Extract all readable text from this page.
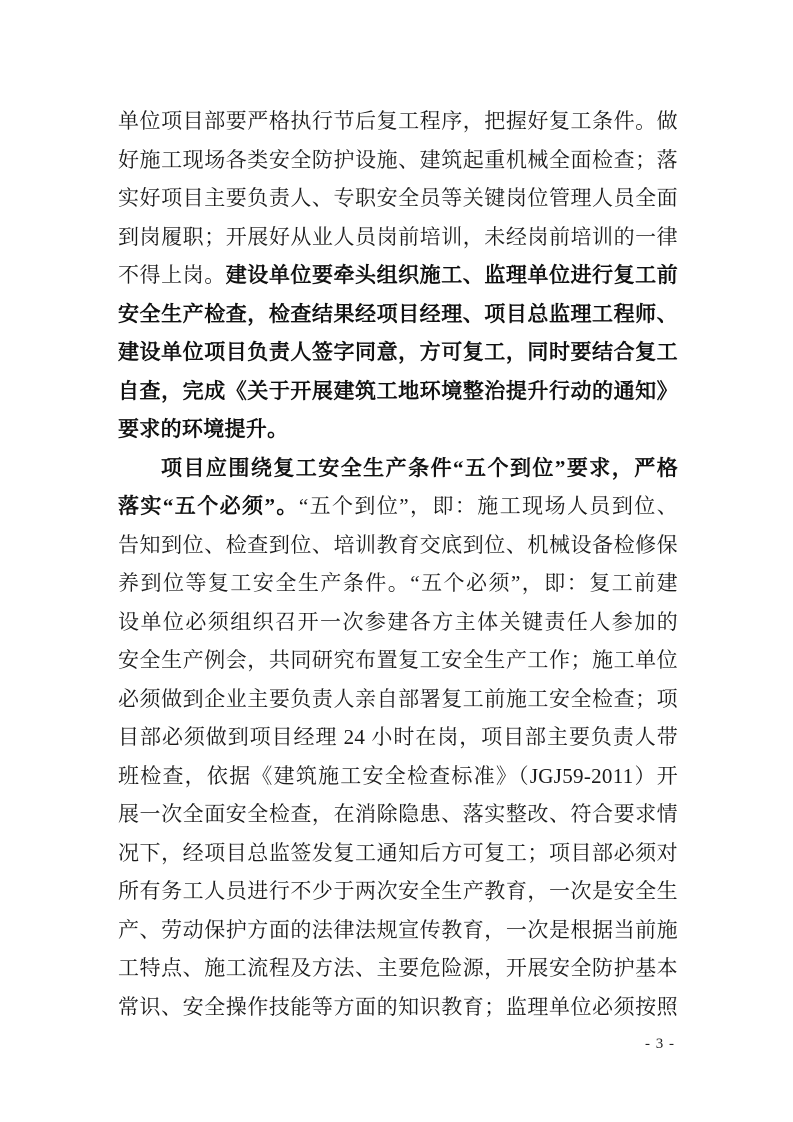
单位项目部要严格执行节后复工程序，把握好复工条件。做
好施工现场各类安全防护设施、建筑起重机械全面检查；落
实好项目主要负责人、专职安全员等关键岗位管理人员全面
到岗履职；开展好从业人员岗前培训，未经岗前培训的一律
不得上岗。建设单位要牵头组织施工、监理单位进行复工前
安全生产检查，检查结果经项目经理、项目总监理工程师、
建设单位项目负责人签字同意，方可复工，同时要结合复工
自查，完成《关于开展建筑工地环境整治提升行动的通知》
要求的环境提升。
项目应围绕复工安全生产条件“五个到位”要求，严格
落实“五个必须”。“五个到位”，即：施工现场人员到位、
告知到位、检查到位、培训教育交底到位、机械设备检修保
养到位等复工安全生产条件。“五个必须”，即：复工前建
设单位必须组织召开一次参建各方主体关键责任人参加的
安全生产例会，共同研究布置复工安全生产工作；施工单位
必须做到企业主要负责人亲自部署复工前施工安全检查；项
目部必须做到项目经理 24 小时在岗，项目部主要负责人带
班检查，依据《建筑施工安全检查标准》（JGJ59-2011）开
展一次全面安全检查，在消除隐患、落实整改、符合要求情
况下，经项目总监签发复工通知后方可复工；项目部必须对
所有务工人员进行不少于两次安全生产教育，一次是安全生
产、劳动保护方面的法律法规宣传教育，一次是根据当前施
工特点、施工流程及方法、主要危险源，开展安全防护基本
常识、安全操作技能等方面的知识教育；监理单位必须按照
- 3 -
